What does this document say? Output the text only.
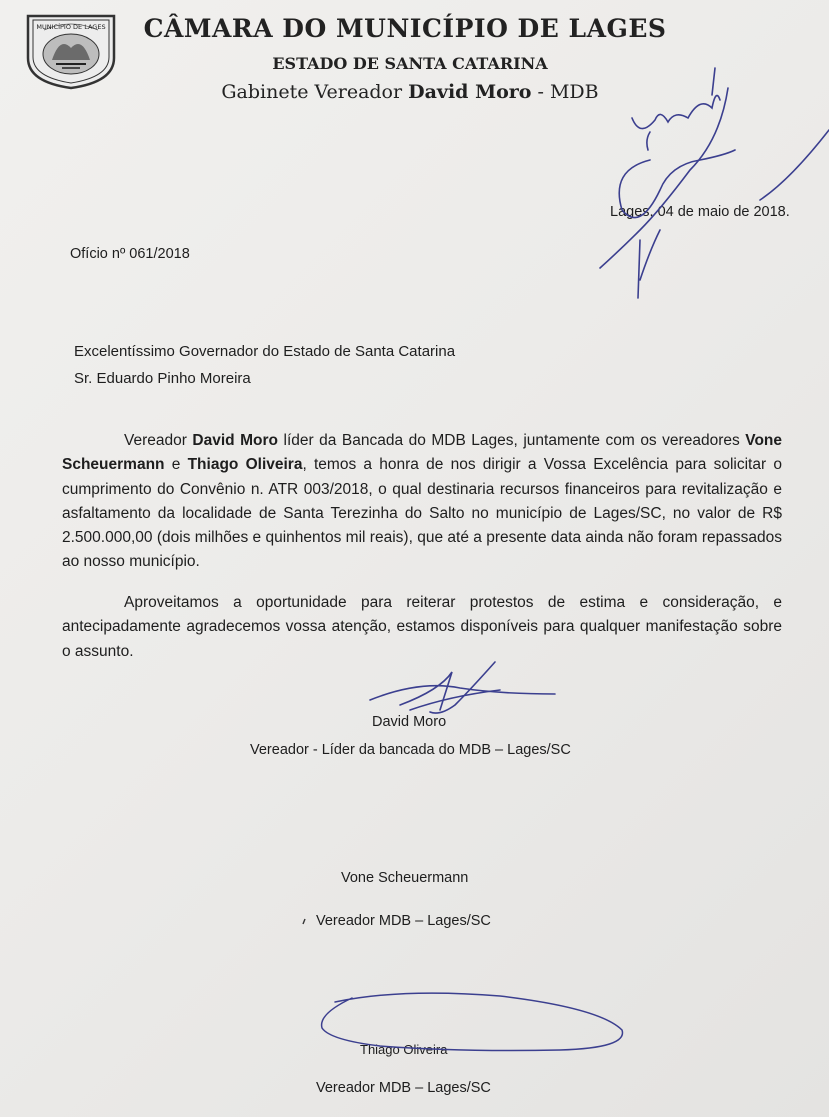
MUNICÍPIO DE LAGES	CÂMARA DO MUNICÍPIO DE LAGES
ESTADO DE SANTA CATARINA
Gabinete Vereador David Moro - MDB
Lages, 04 de maio de 2018.
Ofício nº 061/2018
Excelentíssimo Governador do Estado de Santa Catarina
Sr. Eduardo Pinho Moreira
Vereador David Moro líder da Bancada do MDB Lages, juntamente com os vereadores Vone Scheuermann e Thiago Oliveira, temos a honra de nos dirigir a Vossa Excelência para solicitar o cumprimento do Convênio n. ATR 003/2018, o qual destinaria recursos financeiros para revitalização e asfaltamento da localidade de Santa Terezinha do Salto no município de Lages/SC, no valor de R$ 2.500.000,00 (dois milhões e quinhentos mil reais), que até a presente data ainda não foram repassados ao nosso município.
Aproveitamos a oportunidade para reiterar protestos de estima e consideração, e antecipadamente agradecemos vossa atenção, estamos disponíveis para qualquer manifestação sobre o assunto.
David Moro
Vereador - Líder da bancada do MDB – Lages/SC
Vone Scheuermann
Vereador MDB – Lages/SC
Thiago Oliveira
Vereador MDB – Lages/SC
